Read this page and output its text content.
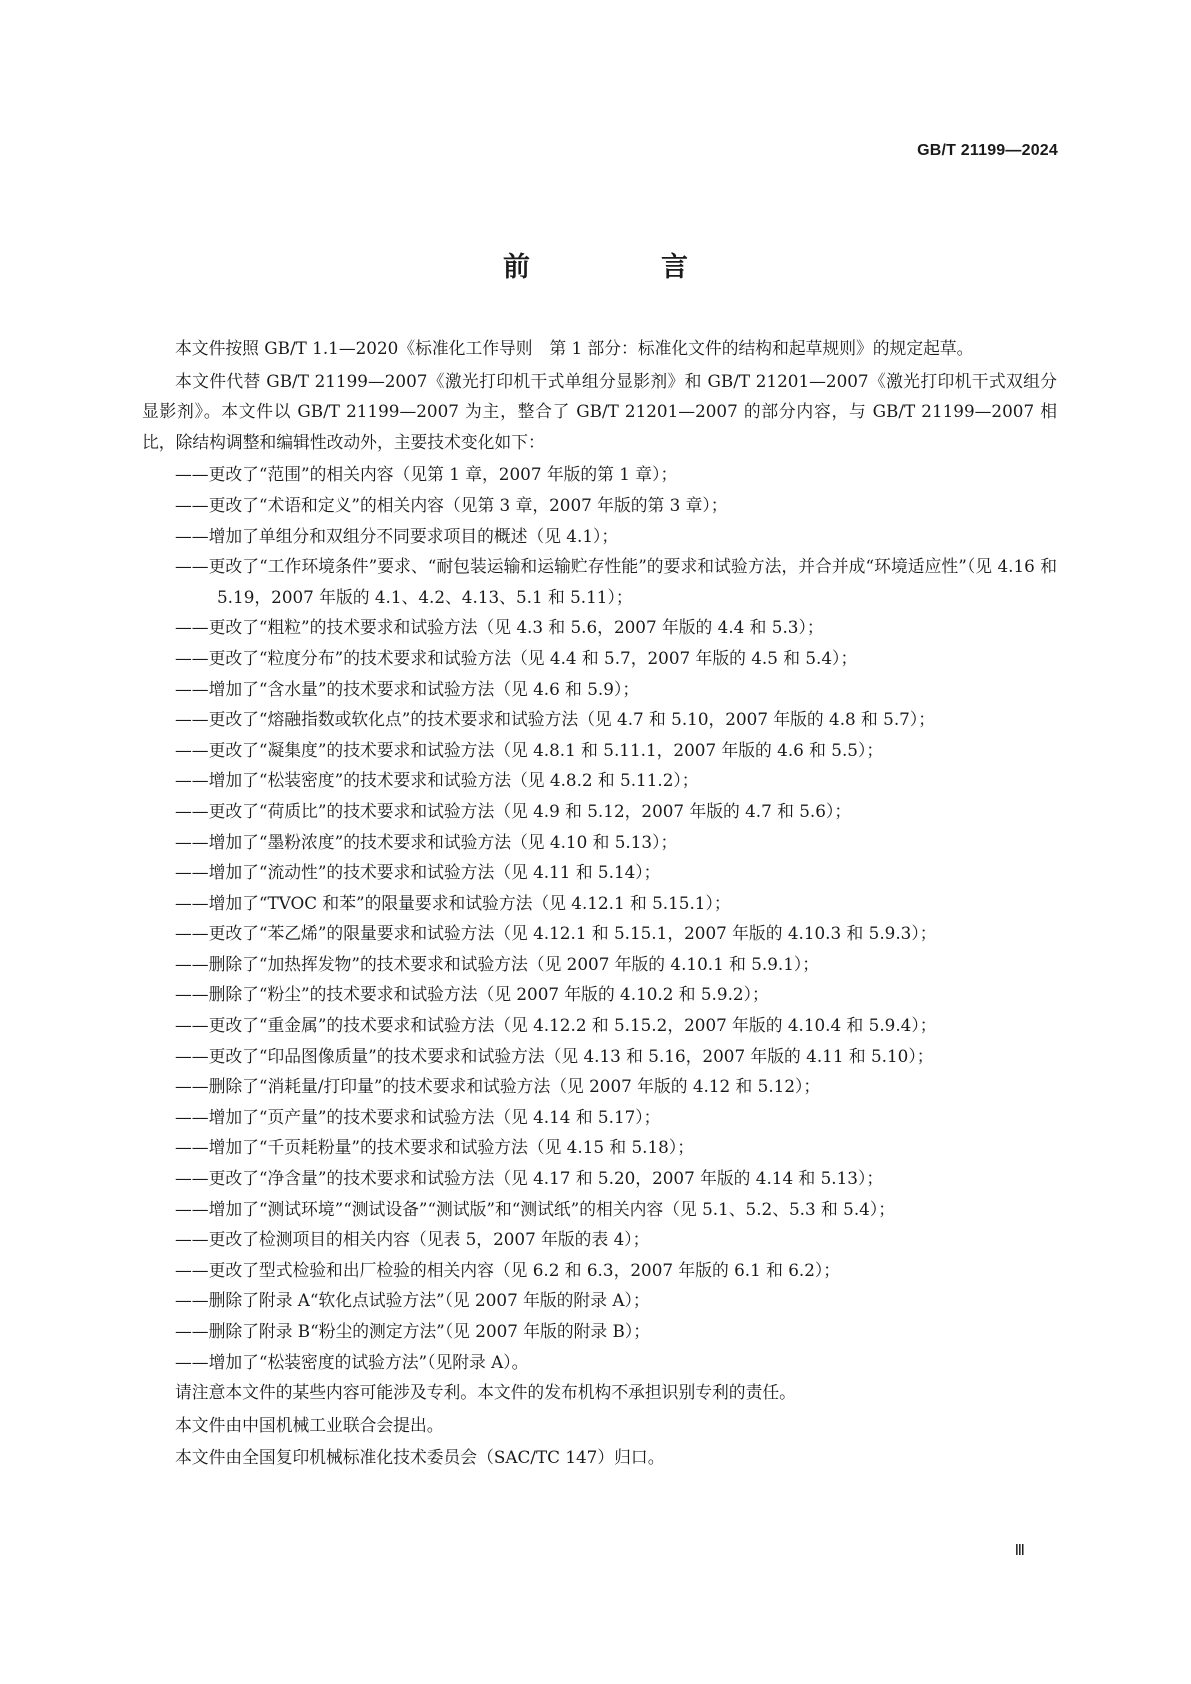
GB/T 21199—2024
前　言

本文件按照 GB/T 1.1—2020《标准化工作导则　第 1 部分：标准化文件的结构和起草规则》的规定起草。

本文件代替 GB/T 21199—2007《激光打印机干式单组分显影剂》和 GB/T 21201—2007《激光打印机干式双组分显影剂》。本文件以 GB/T 21199—2007 为主，整合了 GB/T 21201—2007 的部分内容，与 GB/T 21199—2007 相比，除结构调整和编辑性改动外，主要技术变化如下：

——更改了“范围”的相关内容（见第 1 章，2007 年版的第 1 章）；
——更改了“术语和定义”的相关内容（见第 3 章，2007 年版的第 3 章）；
——增加了单组分和双组分不同要求项目的概述（见 4.1）；
——更改了“工作环境条件”要求、“耐包装运输和运输贮存性能”的要求和试验方法，并合并成“环境适应性”（见 4.16 和 5.19，2007 年版的 4.1、4.2、4.13、5.1 和 5.11）；
——更改了“粗粒”的技术要求和试验方法（见 4.3 和 5.6，2007 年版的 4.4 和 5.3）；
——更改了“粒度分布”的技术要求和试验方法（见 4.4 和 5.7，2007 年版的 4.5 和 5.4）；
——增加了“含水量”的技术要求和试验方法（见 4.6 和 5.9）；
——更改了“熔融指数或软化点”的技术要求和试验方法（见 4.7 和 5.10，2007 年版的 4.8 和 5.7）；
——更改了“凝集度”的技术要求和试验方法（见 4.8.1 和 5.11.1，2007 年版的 4.6 和 5.5）；
——增加了“松装密度”的技术要求和试验方法（见 4.8.2 和 5.11.2）；
——更改了“荷质比”的技术要求和试验方法（见 4.9 和 5.12，2007 年版的 4.7 和 5.6）；
——增加了“墨粉浓度”的技术要求和试验方法（见 4.10 和 5.13）；
——增加了“流动性”的技术要求和试验方法（见 4.11 和 5.14）；
——增加了“TVOC 和苯”的限量要求和试验方法（见 4.12.1 和 5.15.1）；
——更改了“苯乙烯”的限量要求和试验方法（见 4.12.1 和 5.15.1，2007 年版的 4.10.3 和 5.9.3）；
——删除了“加热挥发物”的技术要求和试验方法（见 2007 年版的 4.10.1 和 5.9.1）；
——删除了“粉尘”的技术要求和试验方法（见 2007 年版的 4.10.2 和 5.9.2）；
——更改了“重金属”的技术要求和试验方法（见 4.12.2 和 5.15.2，2007 年版的 4.10.4 和 5.9.4）；
——更改了“印品图像质量”的技术要求和试验方法（见 4.13 和 5.16，2007 年版的 4.11 和 5.10）；
——删除了“消耗量/打印量”的技术要求和试验方法（见 2007 年版的 4.12 和 5.12）；
——增加了“页产量”的技术要求和试验方法（见 4.14 和 5.17）；
——增加了“千页耗粉量”的技术要求和试验方法（见 4.15 和 5.18）；
——更改了“净含量”的技术要求和试验方法（见 4.17 和 5.20，2007 年版的 4.14 和 5.13）；
——增加了“测试环境”“测试设备”“测试版”和“测试纸”的相关内容（见 5.1、5.2、5.3 和 5.4）；
——更改了检测项目的相关内容（见表 5，2007 年版的表 4）；
——更改了型式检验和出厂检验的相关内容（见 6.2 和 6.3，2007 年版的 6.1 和 6.2）；
——删除了附录 A“软化点试验方法”（见 2007 年版的附录 A）；
——删除了附录 B“粉尘的测定方法”（见 2007 年版的附录 B）；
——增加了“松装密度的试验方法”（见附录 A）。

请注意本文件的某些内容可能涉及专利。本文件的发布机构不承担识别专利的责任。

本文件由中国机械工业联合会提出。

本文件由全国复印机械标准化技术委员会（SAC/TC 147）归口。

Ⅲ
